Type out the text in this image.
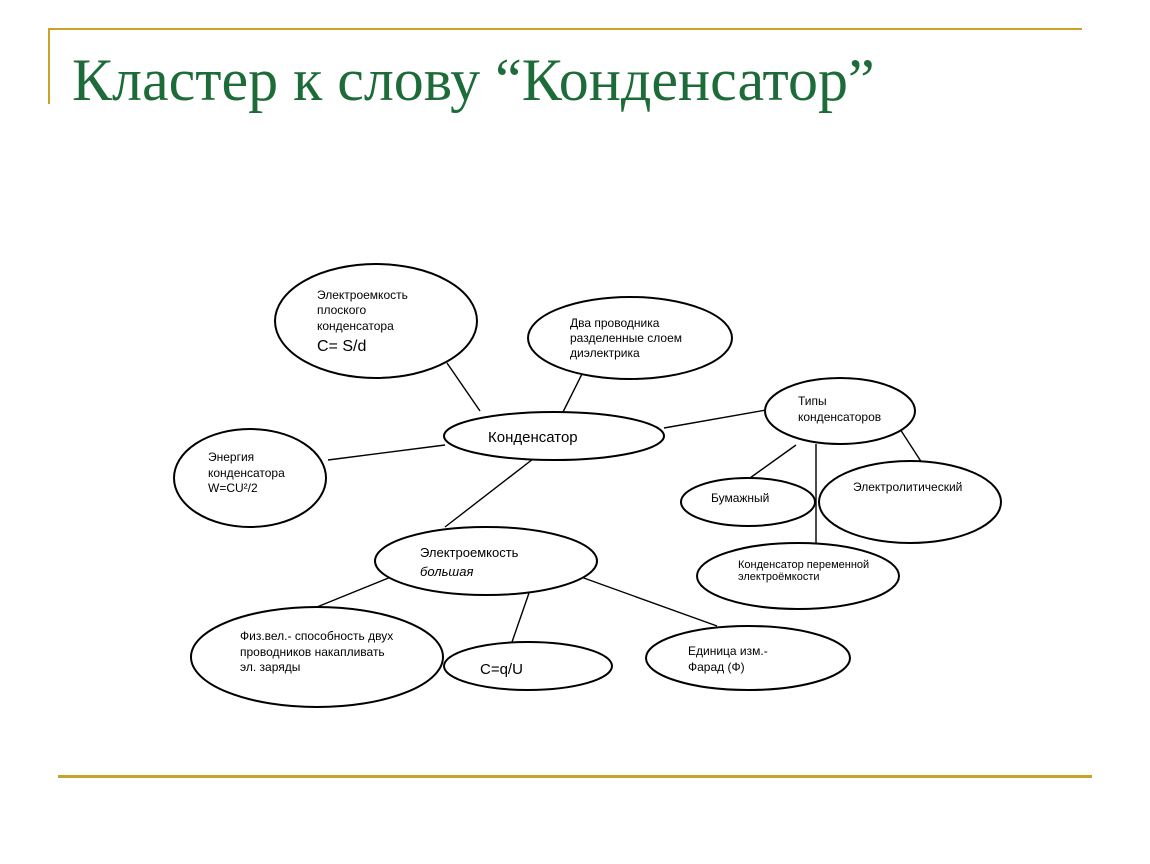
Кластер к слову “Конденсатор”
Электроемкость
плоского
конденсатора
C= S/d
Два проводника
разделенные слоем
диэлектрика
Конденсатор
Энергия
конденсатора
W=CU²/2
Типы
конденсаторов
Бумажный
Электролитический
Конденсатор переменной
электроёмкости
Электроемкость
большая
Физ.вел.- способность двух
проводников накапливать
эл. заряды	C=q/U
Единица изм.-
Фарад (Ф)
